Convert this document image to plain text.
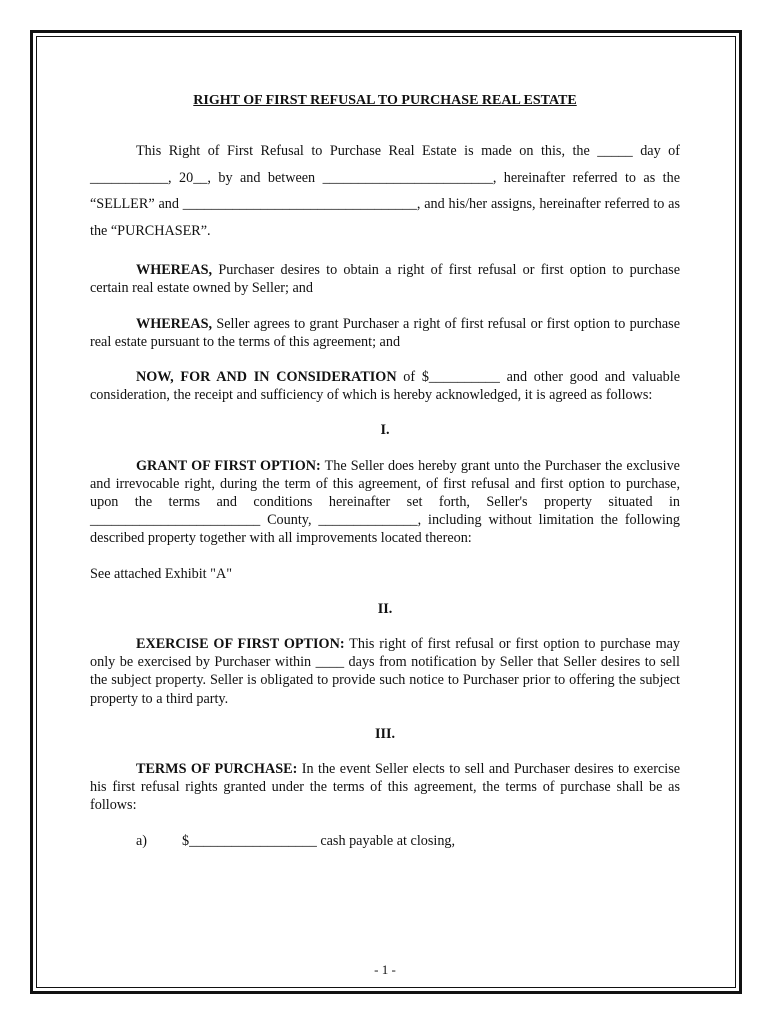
RIGHT OF FIRST REFUSAL TO PURCHASE REAL ESTATE

This Right of First Refusal to Purchase Real Estate is made on this, the _____ day of ___________, 20__, by and between ________________________, hereinafter referred to as the “SELLER” and _________________________________, and his/her assigns, hereinafter referred to as the “PURCHASER”.

WHEREAS, Purchaser desires to obtain a right of first refusal or first option to purchase certain real estate owned by Seller; and

WHEREAS, Seller agrees to grant Purchaser a right of first refusal or first option to purchase real estate pursuant to the terms of this agreement; and

NOW, FOR AND IN CONSIDERATION of $__________ and other good and valuable consideration, the receipt and sufficiency of which is hereby acknowledged, it is agreed as follows:

I.

GRANT OF FIRST OPTION: The Seller does hereby grant unto the Purchaser the exclusive and irrevocable right, during the term of this agreement, of first refusal and first option to purchase, upon the terms and conditions hereinafter set forth, Seller's property situated in ________________________ County, ______________, including without limitation the following described property together with all improvements located thereon:

See attached Exhibit "A"

II.

EXERCISE OF FIRST OPTION: This right of first refusal or first option to purchase may only be exercised by Purchaser within ____ days from notification by Seller that Seller desires to sell the subject property. Seller is obligated to provide such notice to Purchaser prior to offering the subject property to a third party.

III.

TERMS OF PURCHASE: In the event Seller elects to sell and Purchaser desires to exercise his first refusal rights granted under the terms of this agreement, the terms of purchase shall be as follows:

a)	$__________________ cash payable at closing,
- 1 -
